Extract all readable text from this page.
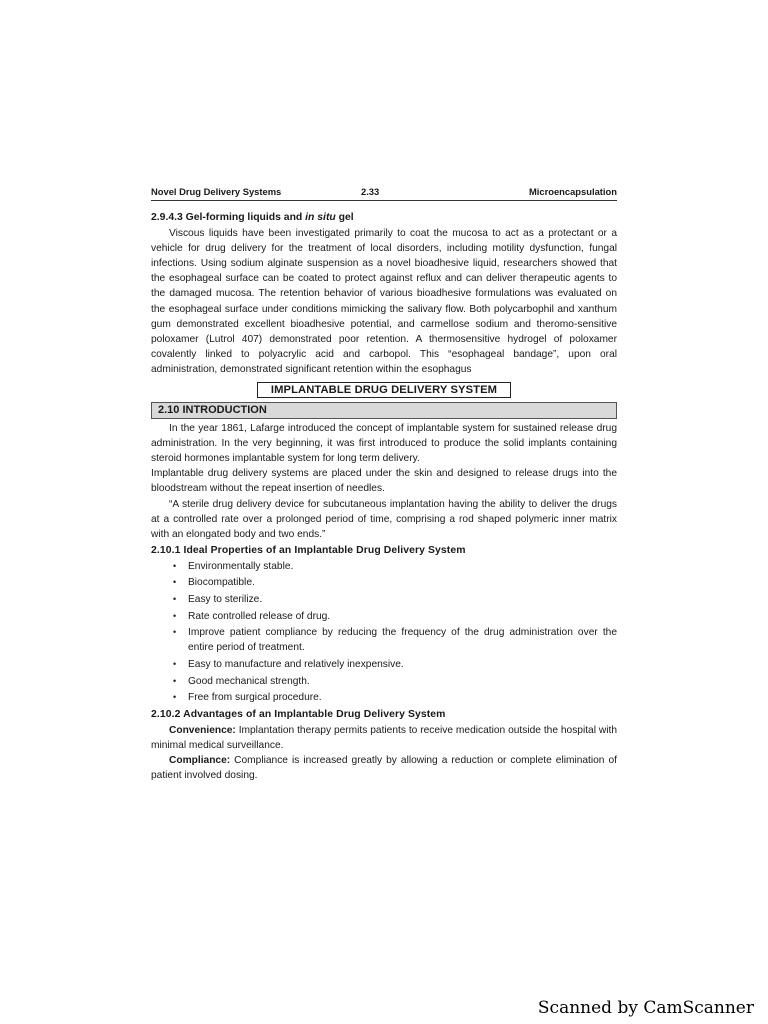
Novel Drug Delivery Systems	2.33	Microencapsulation
2.9.4.3 Gel-forming liquids and in situ gel

Viscous liquids have been investigated primarily to coat the mucosa to act as a protectant or a vehicle for drug delivery for the treatment of local disorders, including motility dysfunction, fungal infections. Using sodium alginate suspension as a novel bioadhesive liquid, researchers showed that the esophageal surface can be coated to protect against reflux and can deliver therapeutic agents to the damaged mucosa. The retention behavior of various bioadhesive formulations was evaluated on the esophageal surface under conditions mimicking the salivary flow. Both polycarbophil and xanthum gum demonstrated excellent bioadhesive potential, and carmellose sodium and theromo-sensitive poloxamer (Lutrol 407) demonstrated poor retention. A thermosensitive hydrogel of poloxamer covalently linked to polyacrylic acid and carbopol. This “esophageal bandage”, upon oral administration, demonstrated significant retention within the esophagus

IMPLANTABLE DRUG DELIVERY SYSTEM
2.10 INTRODUCTION

In the year 1861, Lafarge introduced the concept of implantable system for sustained release drug administration. In the very beginning, it was first introduced to produce the solid implants containing steroid hormones implantable system for long term delivery.

Implantable drug delivery systems are placed under the skin and designed to release drugs into the bloodstream without the repeat insertion of needles.

“A sterile drug delivery device for subcutaneous implantation having the ability to deliver the drugs at a controlled rate over a prolonged period of time, comprising a rod shaped polymeric inner matrix with an elongated body and two ends.”

2.10.1 Ideal Properties of an Implantable Drug Delivery System
• Environmentally stable.
• Biocompatible.
• Easy to sterilize.
• Rate controlled release of drug.
• Improve patient compliance by reducing the frequency of the drug administration over the entire period of treatment.
• Easy to manufacture and relatively inexpensive.
• Good mechanical strength.
• Free from surgical procedure.
2.10.2 Advantages of an Implantable Drug Delivery System

Convenience: Implantation therapy permits patients to receive medication outside the hospital with minimal medical surveillance.

Compliance: Compliance is increased greatly by allowing a reduction or complete elimination of patient involved dosing.

Scanned by CamScanner
